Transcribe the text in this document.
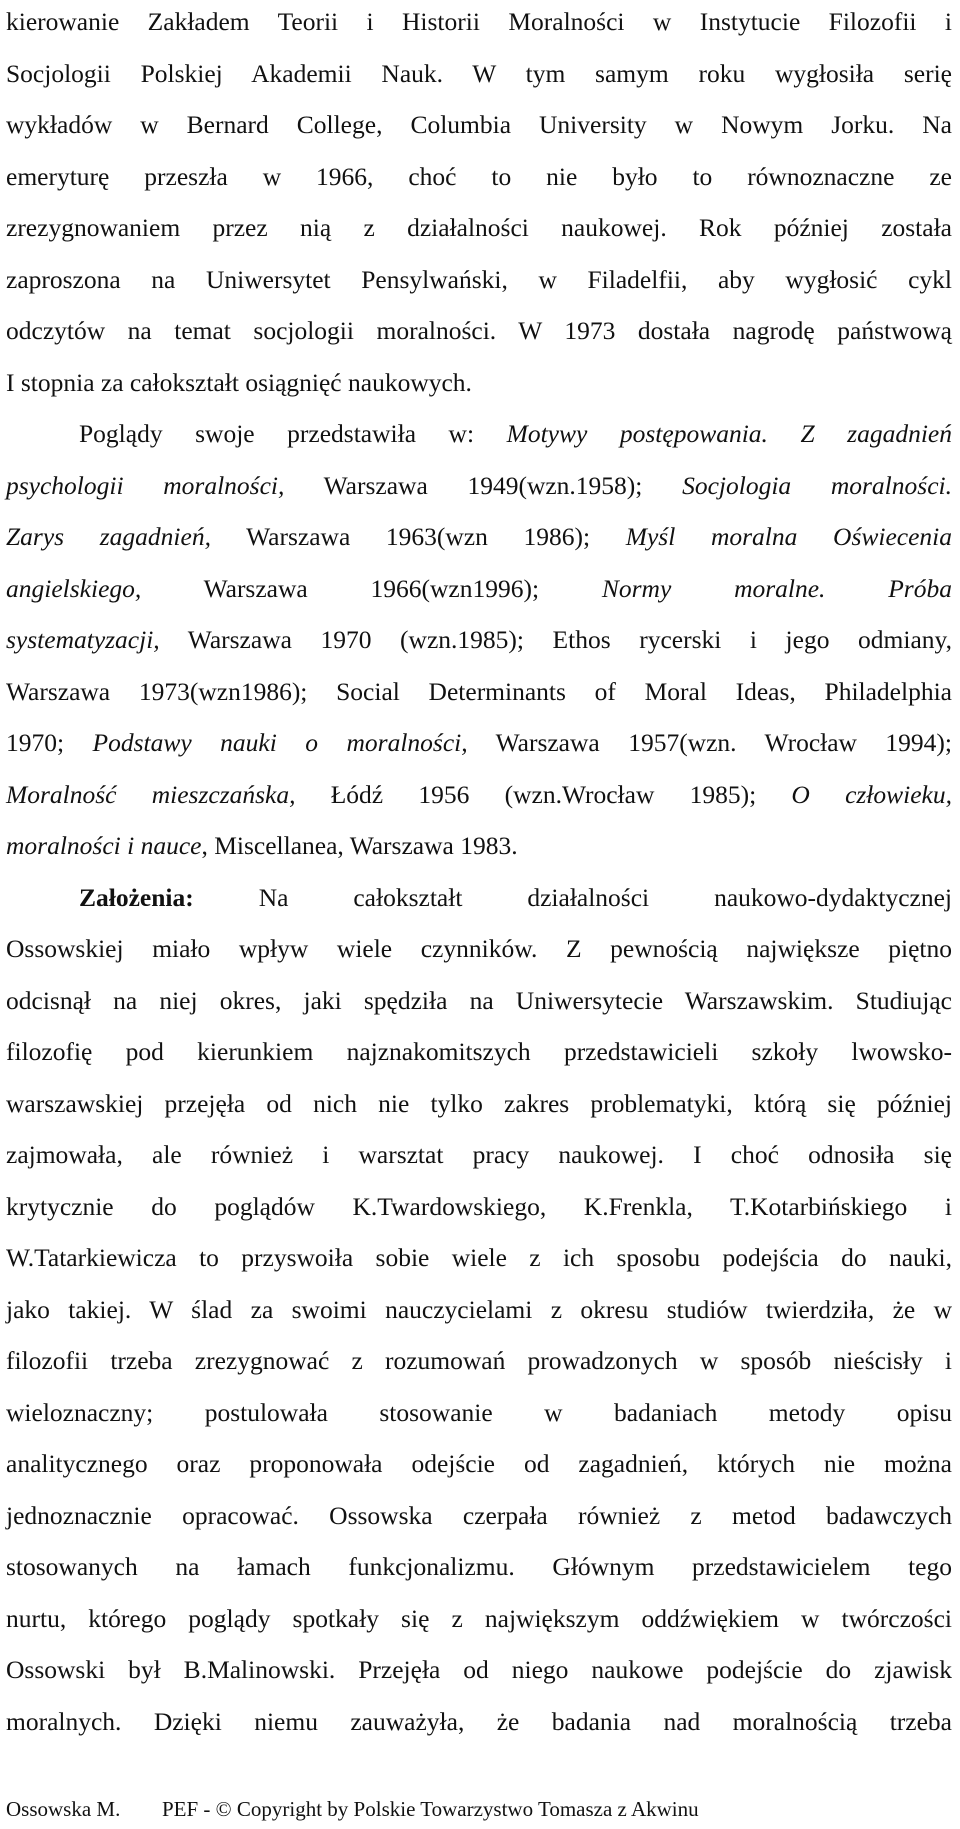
kierowanie Zakładem Teorii i Historii Moralności w Instytucie Filozofii i
Socjologii Polskiej Akademii Nauk. W tym samym roku wygłosiła serię
wykładów w Bernard College, Columbia University w Nowym Jorku. Na
emeryturę przeszła w 1966, choć to nie było to równoznaczne ze
zrezygnowaniem przez nią z działalności naukowej. Rok później została
zaproszona na Uniwersytet Pensylwański, w Filadelfii, aby wygłosić cykl
odczytów na temat socjologii moralności. W 1973 dostała nagrodę państwową
I stopnia za całokształt osiągnięć naukowych.
Poglądy swoje przedstawiła w: Motywy postępowania. Z zagadnień
psychologii moralności, Warszawa 1949(wzn.1958); Socjologia moralności.
Zarys zagadnień, Warszawa 1963(wzn 1986); Myśl moralna Oświecenia
angielskiego, Warszawa 1966(wzn1996); Normy moralne. Próba
systematyzacji, Warszawa 1970 (wzn.1985); Ethos rycerski i jego odmiany,
Warszawa 1973(wzn1986); Social Determinants of Moral Ideas, Philadelphia
1970; Podstawy nauki o moralności, Warszawa 1957(wzn. Wrocław 1994);
Moralność mieszczańska, Łódź 1956 (wzn.Wrocław 1985); O człowieku,
moralności i nauce, Miscellanea, Warszawa 1983.
Założenia: Na całokształt działalności naukowo-dydaktycznej
Ossowskiej miało wpływ wiele czynników. Z pewnością największe piętno
odcisnął na niej okres, jaki spędziła na Uniwersytecie Warszawskim. Studiując
filozofię pod kierunkiem najznakomitszych przedstawicieli szkoły lwowsko-
warszawskiej przejęła od nich nie tylko zakres problematyki, którą się później
zajmowała, ale również i warsztat pracy naukowej. I choć odnosiła się
krytycznie do poglądów K.Twardowskiego, K.Frenkla, T.Kotarbińskiego i
W.Tatarkiewicza to przyswoiła sobie wiele z ich sposobu podejścia do nauki,
jako takiej. W ślad za swoimi nauczycielami z okresu studiów twierdziła, że w
filozofii trzeba zrezygnować z rozumowań prowadzonych w sposób nieścisły i
wieloznaczny; postulowała stosowanie w badaniach metody opisu
analitycznego oraz proponowała odejście od zagadnień, których nie można
jednoznacznie opracować. Ossowska czerpała również z metod badawczych
stosowanych na łamach funkcjonalizmu. Głównym przedstawicielem tego
nurtu, którego poglądy spotkały się z największym oddźwiękiem w twórczości
Ossowski był B.Malinowski. Przejęła od niego naukowe podejście do zjawisk
moralnych. Dzięki niemu zauważyła, że badania nad moralnością trzeba
Ossowska M. PEF - © Copyright by Polskie Towarzystwo Tomasza z Akwinu
